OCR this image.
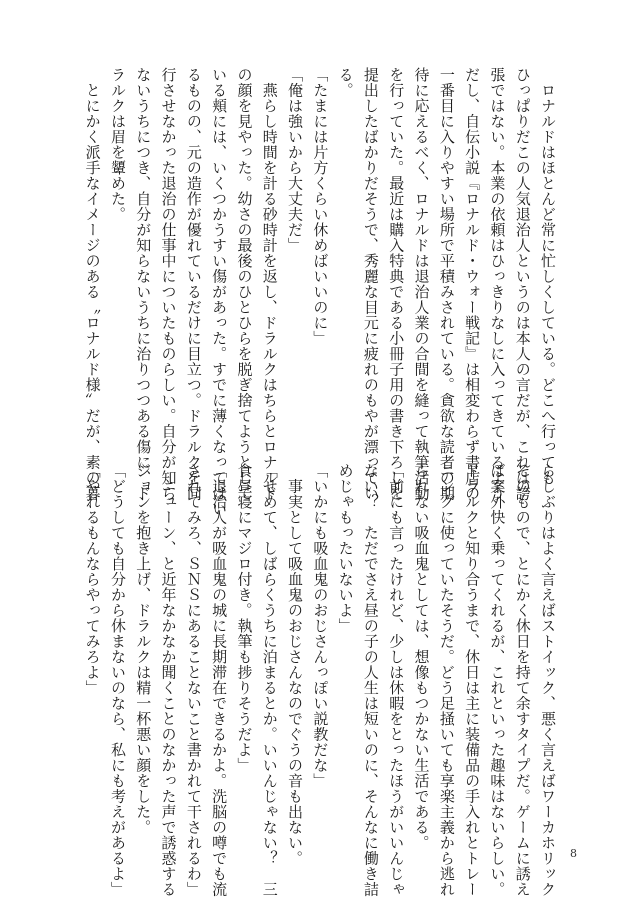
　ロナルドはほとんど常に忙しくしている。どこへ行っても
ひっぱりだこの人気退治人というのは本人の言だが、これは誇
張ではない。本業の依頼はひっきりなしに入ってきているよう
だし、自伝小説『ロナルド・ウォー戦記』は相変わらず書店の
一番目に入りやすい場所で平積みされている。貪欲な読者の期
待に応えるべく、ロナルドは退治人業の合間を縫って執筆活動
を行っていた。最近は購入特典である小冊子用の書き下ろしを
提出したばかりだそうで、秀麗な目元に疲れのもやが漂ってい
る。
「たまには片方くらい休めばいいのに」
「俺は強いから大丈夫だ」
　燕らし時間を計る砂時計を返し、ドラルクはちらとロナルド
の顔を見やった。幼さの最後のひとひらを脱ぎ捨てようとして
いる頬には、いくつかうすい傷があった。すでに薄くなってはい
るものの、元の造作が優れているだけに目立つ。ドラルクを同
行させなかった退治の仕事中についたものらしい。自分が知ら
ないうちにつき、自分が知らないうちに治りつつある傷に、ド
ラルクは眉を顰めた。
　とにかく派手なイメージのある〝ロナルド様〟だが、素の暮
らしぶりはよく言えばストイック、悪く言えばワーカホリック
そのもので、とにかく休日を持て余すタイプだ。ゲームに誘え
ば案外快く乗ってくれるが、これといった趣味はないらしい。
ドラルクと知り合うまで、休日は主に装備品の手入れとトレー
ニングに使っていたそうだ。どう足掻いても享楽主義から逃れ
られない吸血鬼としては、想像もつかない生活である。
「前にも言ったけれど、少しは休暇をとったほうがいいんじゃ
ない？　ただでさえ昼の子の人生は短いのに、そんなに働き詰
めじゃもったいないよ」
「いかにも吸血鬼のおじさんっぽい説教だな」
　事実として吸血鬼のおじさんなのでぐうの音も出ない。
「せめて、しばらくうちに泊まるとか。いいんじゃない？　三
食昼寝にマジロ付き。執筆も捗りそうだよ」
「退治人が吸血鬼の城に長期滞在できるかよ。洗脳の噂でも流
されてみろ、ＳＮＳにあることないこと書かれて干されるわ」
　ニューン、と近年なかなか聞くことのなかった声で誘惑する
ジョンを抱き上げ、ドラルクは精一杯悪い顔をした。
「どうしても自分から休まないのなら、私にも考えがあるよ」
「やれるもんならやってみろよ」
8
